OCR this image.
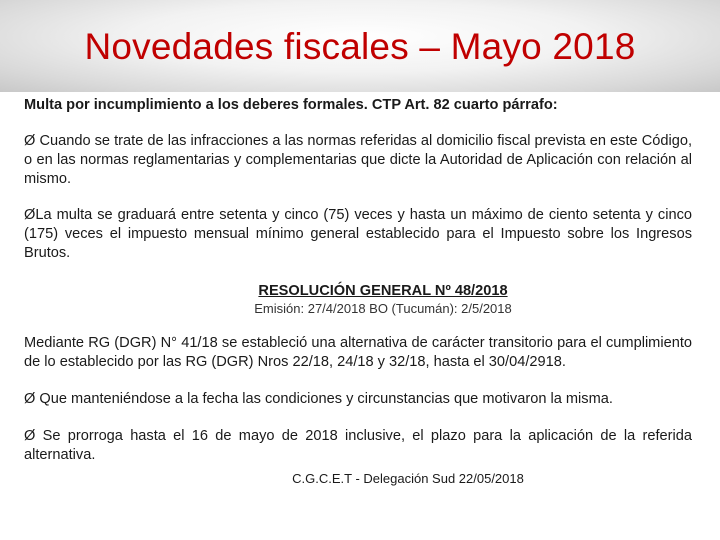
Novedades fiscales – Mayo 2018
Multa por incumplimiento a los deberes formales. CTP Art. 82 cuarto párrafo:

Ø Cuando se trate de las infracciones a las normas referidas al domicilio fiscal prevista en este Código, o en las normas reglamentarias y complementarias que dicte la Autoridad de Aplicación con relación al mismo.

ØLa multa se graduará entre setenta y cinco (75) veces y hasta un máximo de ciento setenta y cinco (175) veces el impuesto mensual mínimo general establecido para el Impuesto sobre los Ingresos Brutos.

RESOLUCIÓN GENERAL Nº 48/2018
Emisión: 27/4/2018 BO (Tucumán): 2/5/2018

Mediante RG (DGR) N° 41/18 se estableció una alternativa de carácter transitorio para el cumplimiento de lo establecido por las RG (DGR) Nros 22/18, 24/18 y 32/18, hasta el 30/04/2918.

Ø Que manteniéndose a la fecha las condiciones y circunstancias que motivaron la misma.

Ø Se prorroga hasta el 16 de mayo de 2018 inclusive, el plazo para la aplicación de la referida alternativa.

C.G.C.E.T - Delegación Sud 22/05/2018
